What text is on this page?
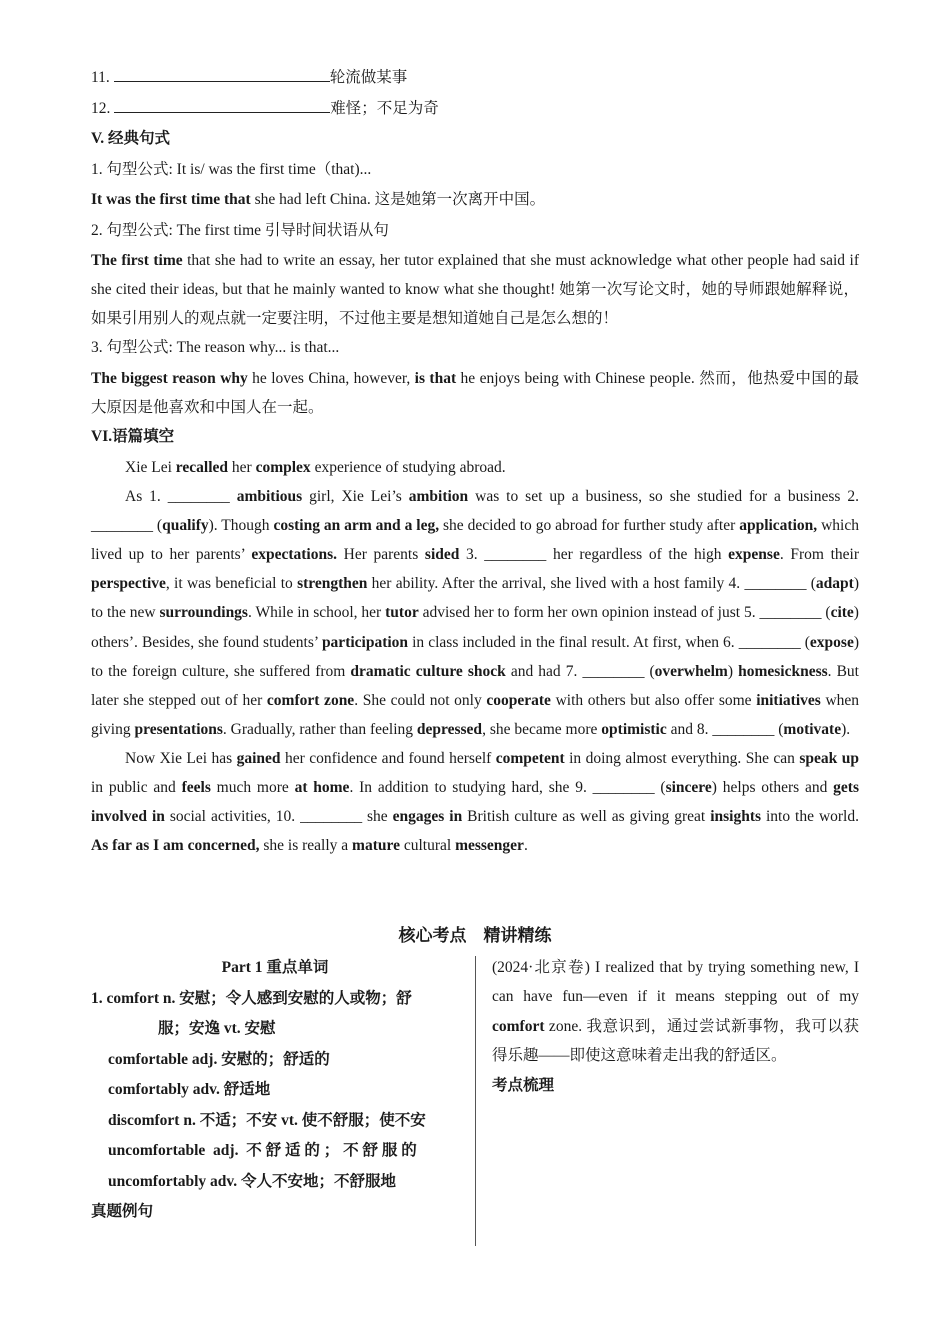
11.	轮流做某事
12.	难怪；不足为奇
V. 经典句式
1. 句型公式: It is/ was the first time（that)...
It was the first time that she had left China. 这是她第一次离开中国。
2. 句型公式: The first time 引导时间状语从句
The first time that she had to write an essay, her tutor explained that she must acknowledge what other people had said if she cited their ideas, but that he mainly wanted to know what she thought! 她第一次写论文时，她的导师跟她解释说，如果引用别人的观点就一定要注明，不过他主要是想知道她自己是怎么想的！
3. 句型公式: The reason why... is that...
The biggest reason why he loves China, however, is that he enjoys being with Chinese people. 然而，他热爱中国的最大原因是他喜欢和中国人在一起。
VI.语篇填空

Xie Lei recalled her complex experience of studying abroad.

As 1. ________ ambitious girl, Xie Lei’s ambition was to set up a business, so she studied for a business 2. ________ (qualify). Though costing an arm and a leg, she decided to go abroad for further study after application, which lived up to her parents’ expectations. Her parents sided 3. ________ her regardless of the high expense. From their perspective, it was beneficial to strengthen her ability. After the arrival, she lived with a host family 4. ________ (adapt) to the new surroundings. While in school, her tutor advised her to form her own opinion instead of just 5. ________ (cite) others’. Besides, she found students’ participation in class included in the final result. At first, when 6. ________ (expose) to the foreign culture, she suffered from dramatic culture shock and had 7. ________ (overwhelm) homesickness. But later she stepped out of her comfort zone. She could not only cooperate with others but also offer some initiatives when giving presentations. Gradually, rather than feeling depressed, she became more optimistic and 8. ________ (motivate).

Now Xie Lei has gained her confidence and found herself competent in doing almost everything. She can speak up in public and feels much more at home. In addition to studying hard, she 9. ________ (sincere) helps others and gets involved in social activities, 10. ________ she engages in British culture as well as giving great insights into the world. As far as I am concerned, she is really a mature cultural messenger.

核心考点　精讲精练
Part 1 重点单词
1. comfort n. 安慰；令人感到安慰的人或物；舒
服；安逸 vt. 安慰
comfortable adj. 安慰的；舒适的
comfortably adv. 舒适地
discomfort n. 不适；不安 vt. 使不舒服；使不安
uncomfortable  adj.  不 舒 适 的 ； 不 舒 服 的
uncomfortably adv. 令人不安地；不舒服地
真题例句

(2024·北京卷) I realized that by trying something new, I can have fun—even if it means stepping out of my comfort zone. 我意识到，通过尝试新事物，我可以获得乐趣——即使这意味着走出我的舒适区。

考点梳理
